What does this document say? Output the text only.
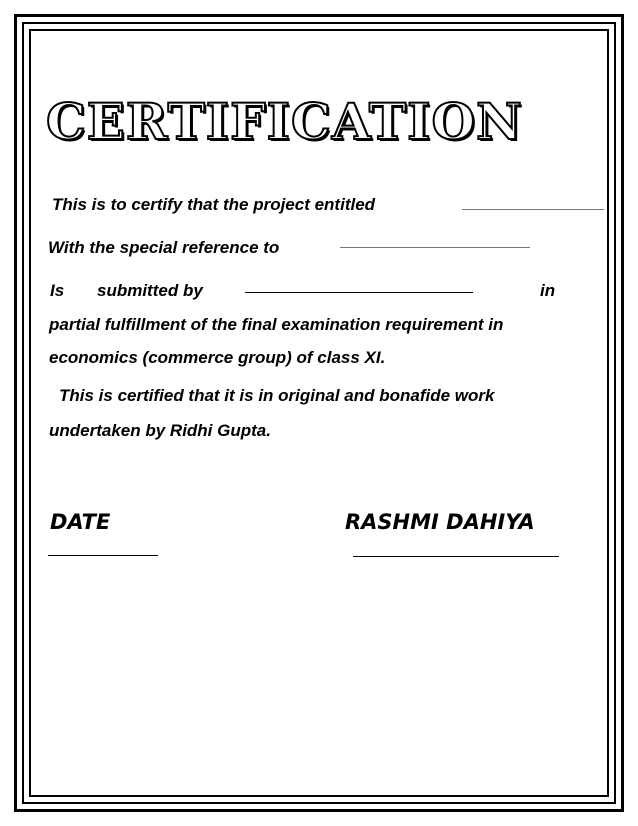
CERTIFICATION

This is to certify that the project entitled

With the special reference to

Is submitted by	in

partial fulfillment of the final examination requirement in

economics (commerce group) of class XI.

This is certified that it is in original and bonafide work

undertaken by Ridhi Gupta.

DATE	RASHMI DAHIYA
